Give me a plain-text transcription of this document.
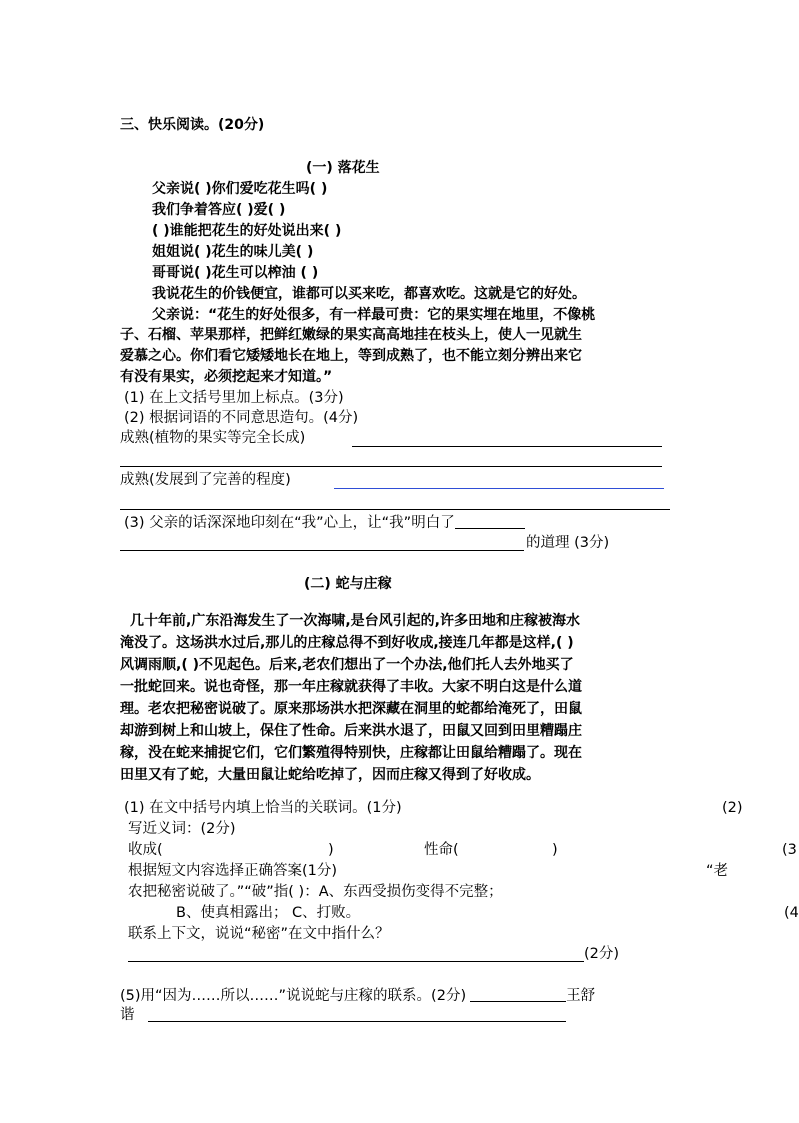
三、快乐阅读。(20分)
(一) 落花生
父亲说( )你们爱吃花生吗( )
我们争着答应( )爱( )
( )谁能把花生的好处说出来( )
姐姐说( )花生的味儿美( )
哥哥说( )花生可以榨油 ( )
我说花生的价钱便宜，谁都可以买来吃，都喜欢吃。这就是它的好处。
父亲说：“花生的好处很多，有一样最可贵：它的果实埋在地里，不像桃
子、石榴、苹果那样，把鲜红嫩绿的果实高高地挂在枝头上，使人一见就生
爱慕之心。你们看它矮矮地长在地上，等到成熟了，也不能立刻分辨出来它
有没有果实，必须挖起来才知道。”
(1) 在上文括号里加上标点。(3分)
(2) 根据词语的不同意思造句。(4分)
成熟(植物的果实等完全长成)
成熟(发展到了完善的程度)
(3) 父亲的话深深地印刻在“我”心上，让“我”明白了
的道理 (3分)
(二) 蛇与庄稼
几十年前,广东沿海发生了一次海啸,是台风引起的,许多田地和庄稼被海水
淹没了。这场洪水过后,那儿的庄稼总得不到好收成,接连几年都是这样,( )
风调雨顺,( )不见起色。后来,老农们想出了一个办法,他们托人去外地买了
一批蛇回来。说也奇怪，那一年庄稼就获得了丰收。大家不明白这是什么道
理。老农把秘密说破了。原来那场洪水把深藏在洞里的蛇都给淹死了，田鼠
却游到树上和山坡上，保住了性命。后来洪水退了，田鼠又回到田里糟蹋庄
稼，没在蛇来捕捉它们，它们繁殖得特别快，庄稼都让田鼠给糟蹋了。现在
田里又有了蛇，大量田鼠让蛇给吃掉了，因而庄稼又得到了好收成。
(1) 在文中括号内填上恰当的关联词。(1分)	(2)
写近义词：(2分)
收成(	)	性命(	)	(3
根据短文内容选择正确答案(1分)	“老
农把秘密说破了。”“破”指( )：A、东西受损伤变得不完整；
B、使真相露出； C、打败。	(4
联系上下文，说说“秘密”在文中指什么？
(2分)
(5)用“因为……所以……”说说蛇与庄稼的联系。(2分)	王舒
谐
